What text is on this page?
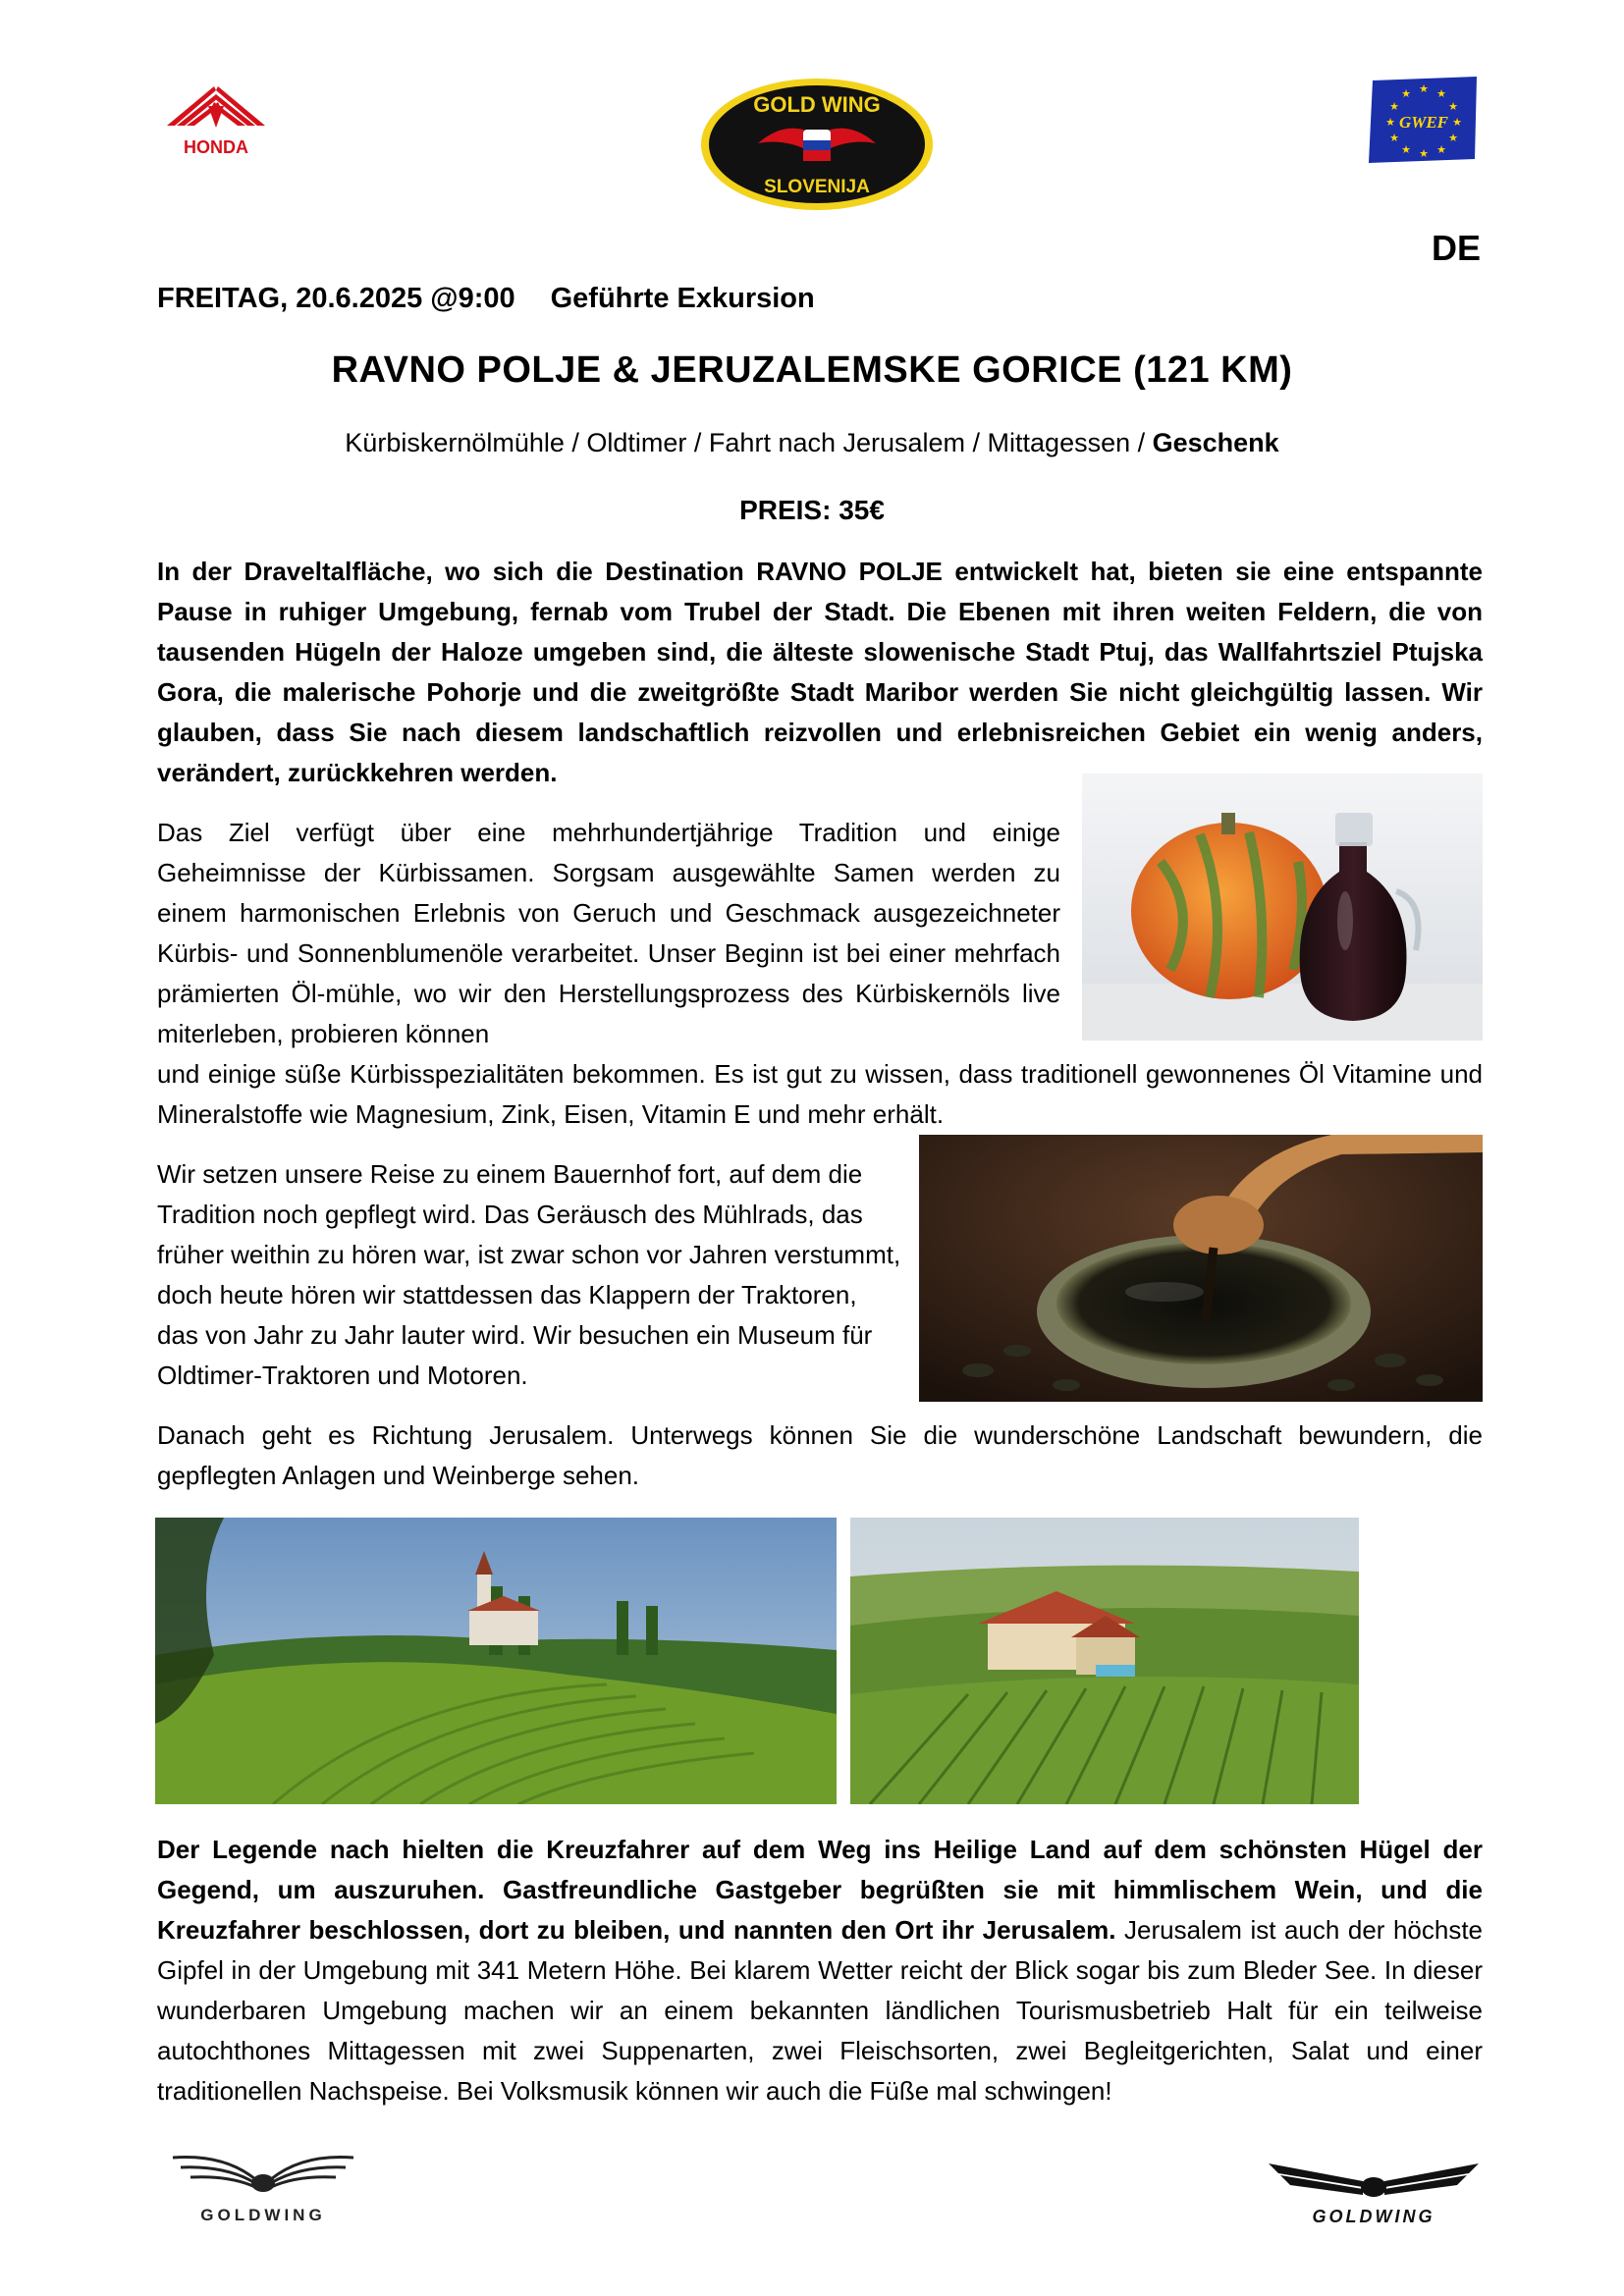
HONDA
GOLD WING
SLOVENIJA
★ ★
★
★
★
★
★
★
★
★
★
★
GWEF
DE
FREITAG, 20.6.2025 @9:00 Geführte Exkursion
RAVNO POLJE & JERUZALEMSKE GORICE (121 KM)
Kürbiskernölmühle / Oldtimer / Fahrt nach Jerusalem / Mittagessen / Geschenk
PREIS: 35€
In der Draveltalfläche, wo sich die Destination RAVNO POLJE entwickelt hat, bieten sie eine entspannte Pause in ruhiger Umgebung, fernab vom Trubel der Stadt. Die Ebenen mit ihren weiten Feldern, die von tausenden Hügeln der Haloze umgeben sind, die älteste slowenische Stadt Ptuj, das Wallfahrtsziel Ptujska Gora, die malerische Pohorje und die zweitgrößte Stadt Maribor werden Sie nicht gleichgültig lassen. Wir glauben, dass Sie nach diesem landschaftlich reizvollen und erlebnisreichen Gebiet ein wenig anders, verändert, zurückkehren werden.
Das Ziel verfügt über eine mehrhundertjährige Tradition und einige Geheimnisse der Kürbissamen. Sorgsam ausgewählte Samen werden zu einem harmonischen Erlebnis von Geruch und Geschmack ausgezeichneter Kürbis- und Sonnenblumenöle verarbeitet. Unser Beginn ist bei einer mehrfach prämierten Öl-mühle, wo wir den Herstellungsprozess des Kürbiskernöls live miterleben, probieren können
und einige süße Kürbisspezialitäten bekommen. Es ist gut zu wissen, dass traditionell gewonnenes Öl Vitamine und Mineralstoffe wie Magnesium, Zink, Eisen, Vitamin E und mehr erhält.
Wir setzen unsere Reise zu einem Bauernhof fort, auf dem die Tradition noch gepflegt wird. Das Geräusch des Mühlrads, das früher weithin zu hören war, ist zwar schon vor Jahren verstummt, doch heute hören wir stattdessen das Klappern der Traktoren, das von Jahr zu Jahr lauter wird. Wir besuchen ein Museum für Oldtimer-Traktoren und Motoren.
Danach geht es Richtung Jerusalem. Unterwegs können Sie die wunderschöne Landschaft bewundern, die gepflegten Anlagen und Weinberge sehen.
Der Legende nach hielten die Kreuzfahrer auf dem Weg ins Heilige Land auf dem schönsten Hügel der Gegend, um auszuruhen. Gastfreundliche Gastgeber begrüßten sie mit himmlischem Wein, und die Kreuzfahrer beschlossen, dort zu bleiben, und nannten den Ort ihr Jerusalem. Jerusalem ist auch der höchste Gipfel in der Umgebung mit 341 Metern Höhe. Bei klarem Wetter reicht der Blick sogar bis zum Bleder See. In dieser wunderbaren Umgebung machen wir an einem bekannten ländlichen Tourismusbetrieb Halt für ein teilweise autochthones Mittagessen mit zwei Suppenarten, zwei Fleischsorten, zwei Begleitgerichten, Salat und einer traditionellen Nachspeise. Bei Volksmusik können wir auch die Füße mal schwingen!
GOLDWING	GOLDWING
